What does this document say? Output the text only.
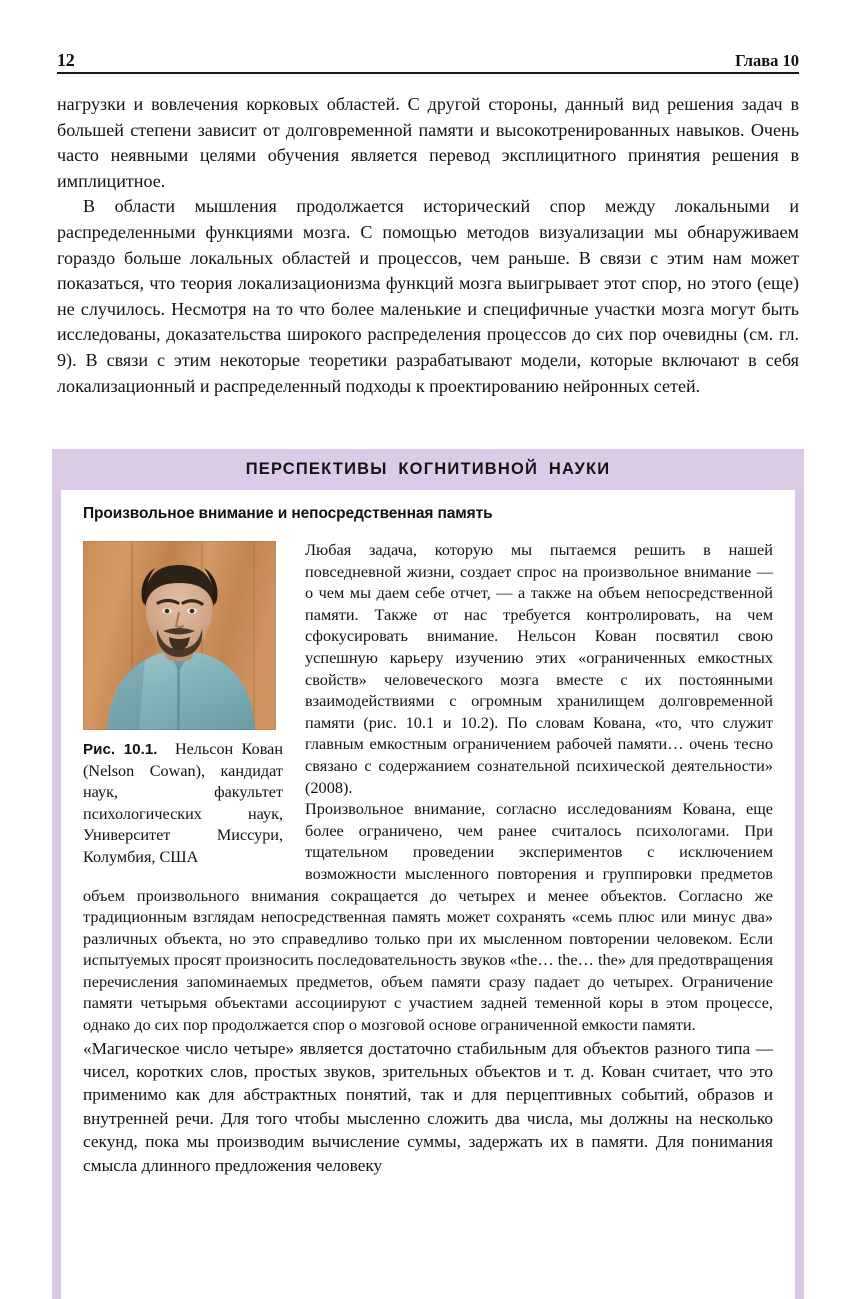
12	Глава 10

нагрузки и вовлечения корковых областей. С другой стороны, данный вид решения задач в большей степени зависит от долговременной памяти и высокотренированных навыков. Очень часто неявными целями обучения является перевод эксплицитного принятия решения в имплицитное.

В области мышления продолжается исторический спор между локальными и распределенными функциями мозга. С помощью методов визуализации мы обнаруживаем гораздо больше локальных областей и процессов, чем раньше. В связи с этим нам может показаться, что теория локализационизма функций мозга выигрывает этот спор, но этого (еще) не случилось. Несмотря на то что более маленькие и специфичные участки мозга могут быть исследованы, доказательства широкого распределения процессов до сих пор очевидны (см. гл. 9). В связи с этим некоторые теоретики разрабатывают модели, которые включают в себя локализационный и распределенный подходы к проектированию нейронных сетей.

ПЕРСПЕКТИВЫ КОГНИТИВНОЙ НАУКИ
Произвольное внимание и непосредственная память
Рис. 10.1. Нельсон Кован (Nelson Cowan), кандидат наук, факультет психологических наук, Университет Миссури, Колумбия, США

Любая задача, которую мы пытаемся решить в нашей повседневной жизни, создает спрос на произвольное внимание — о чем мы даем себе отчет, — а также на объем непосредственной памяти. Также от нас требуется контролировать, на чем сфокусировать внимание. Нельсон Кован посвятил свою успешную карьеру изучению этих «ограниченных емкостных свойств» человеческого мозга вместе с их постоянными взаимодействиями с огромным хранилищем долговременной памяти (рис. 10.1 и 10.2). По словам Кована, «то, что служит главным емкостным ограничением рабочей памяти… очень тесно связано с содержанием сознательной психической деятельности» (2008).

Произвольное внимание, согласно исследованиям Кована, еще более ограничено, чем ранее считалось психологами. При тщательном проведении экспериментов с исключением возможности мысленного повторения и группировки предметов объем произвольного внимания сокращается до четырех и менее объектов. Согласно же традиционным взглядам непосредственная память может сохранять «семь плюс или минус два» различных объекта, но это справедливо только при их мысленном повторении человеком. Если испытуемых просят произносить последовательность звуков «the… the… the» для предотвращения перечисления запоминаемых предметов, объем памяти сразу падает до четырех. Ограничение памяти четырьмя объектами ассоциируют с участием задней теменной коры в этом процессе, однако до сих пор продолжается спор о мозговой основе ограниченной емкости памяти.

«Магическое число четыре» является достаточно стабильным для объектов разного типа — чисел, коротких слов, простых звуков, зрительных объектов и т. д. Кован считает, что это применимо как для абстрактных понятий, так и для перцептивных событий, образов и внутренней речи. Для того чтобы мысленно сложить два числа, мы должны на несколько секунд, пока мы производим вычисление суммы, задержать их в памяти. Для понимания смысла длинного предложения человеку
